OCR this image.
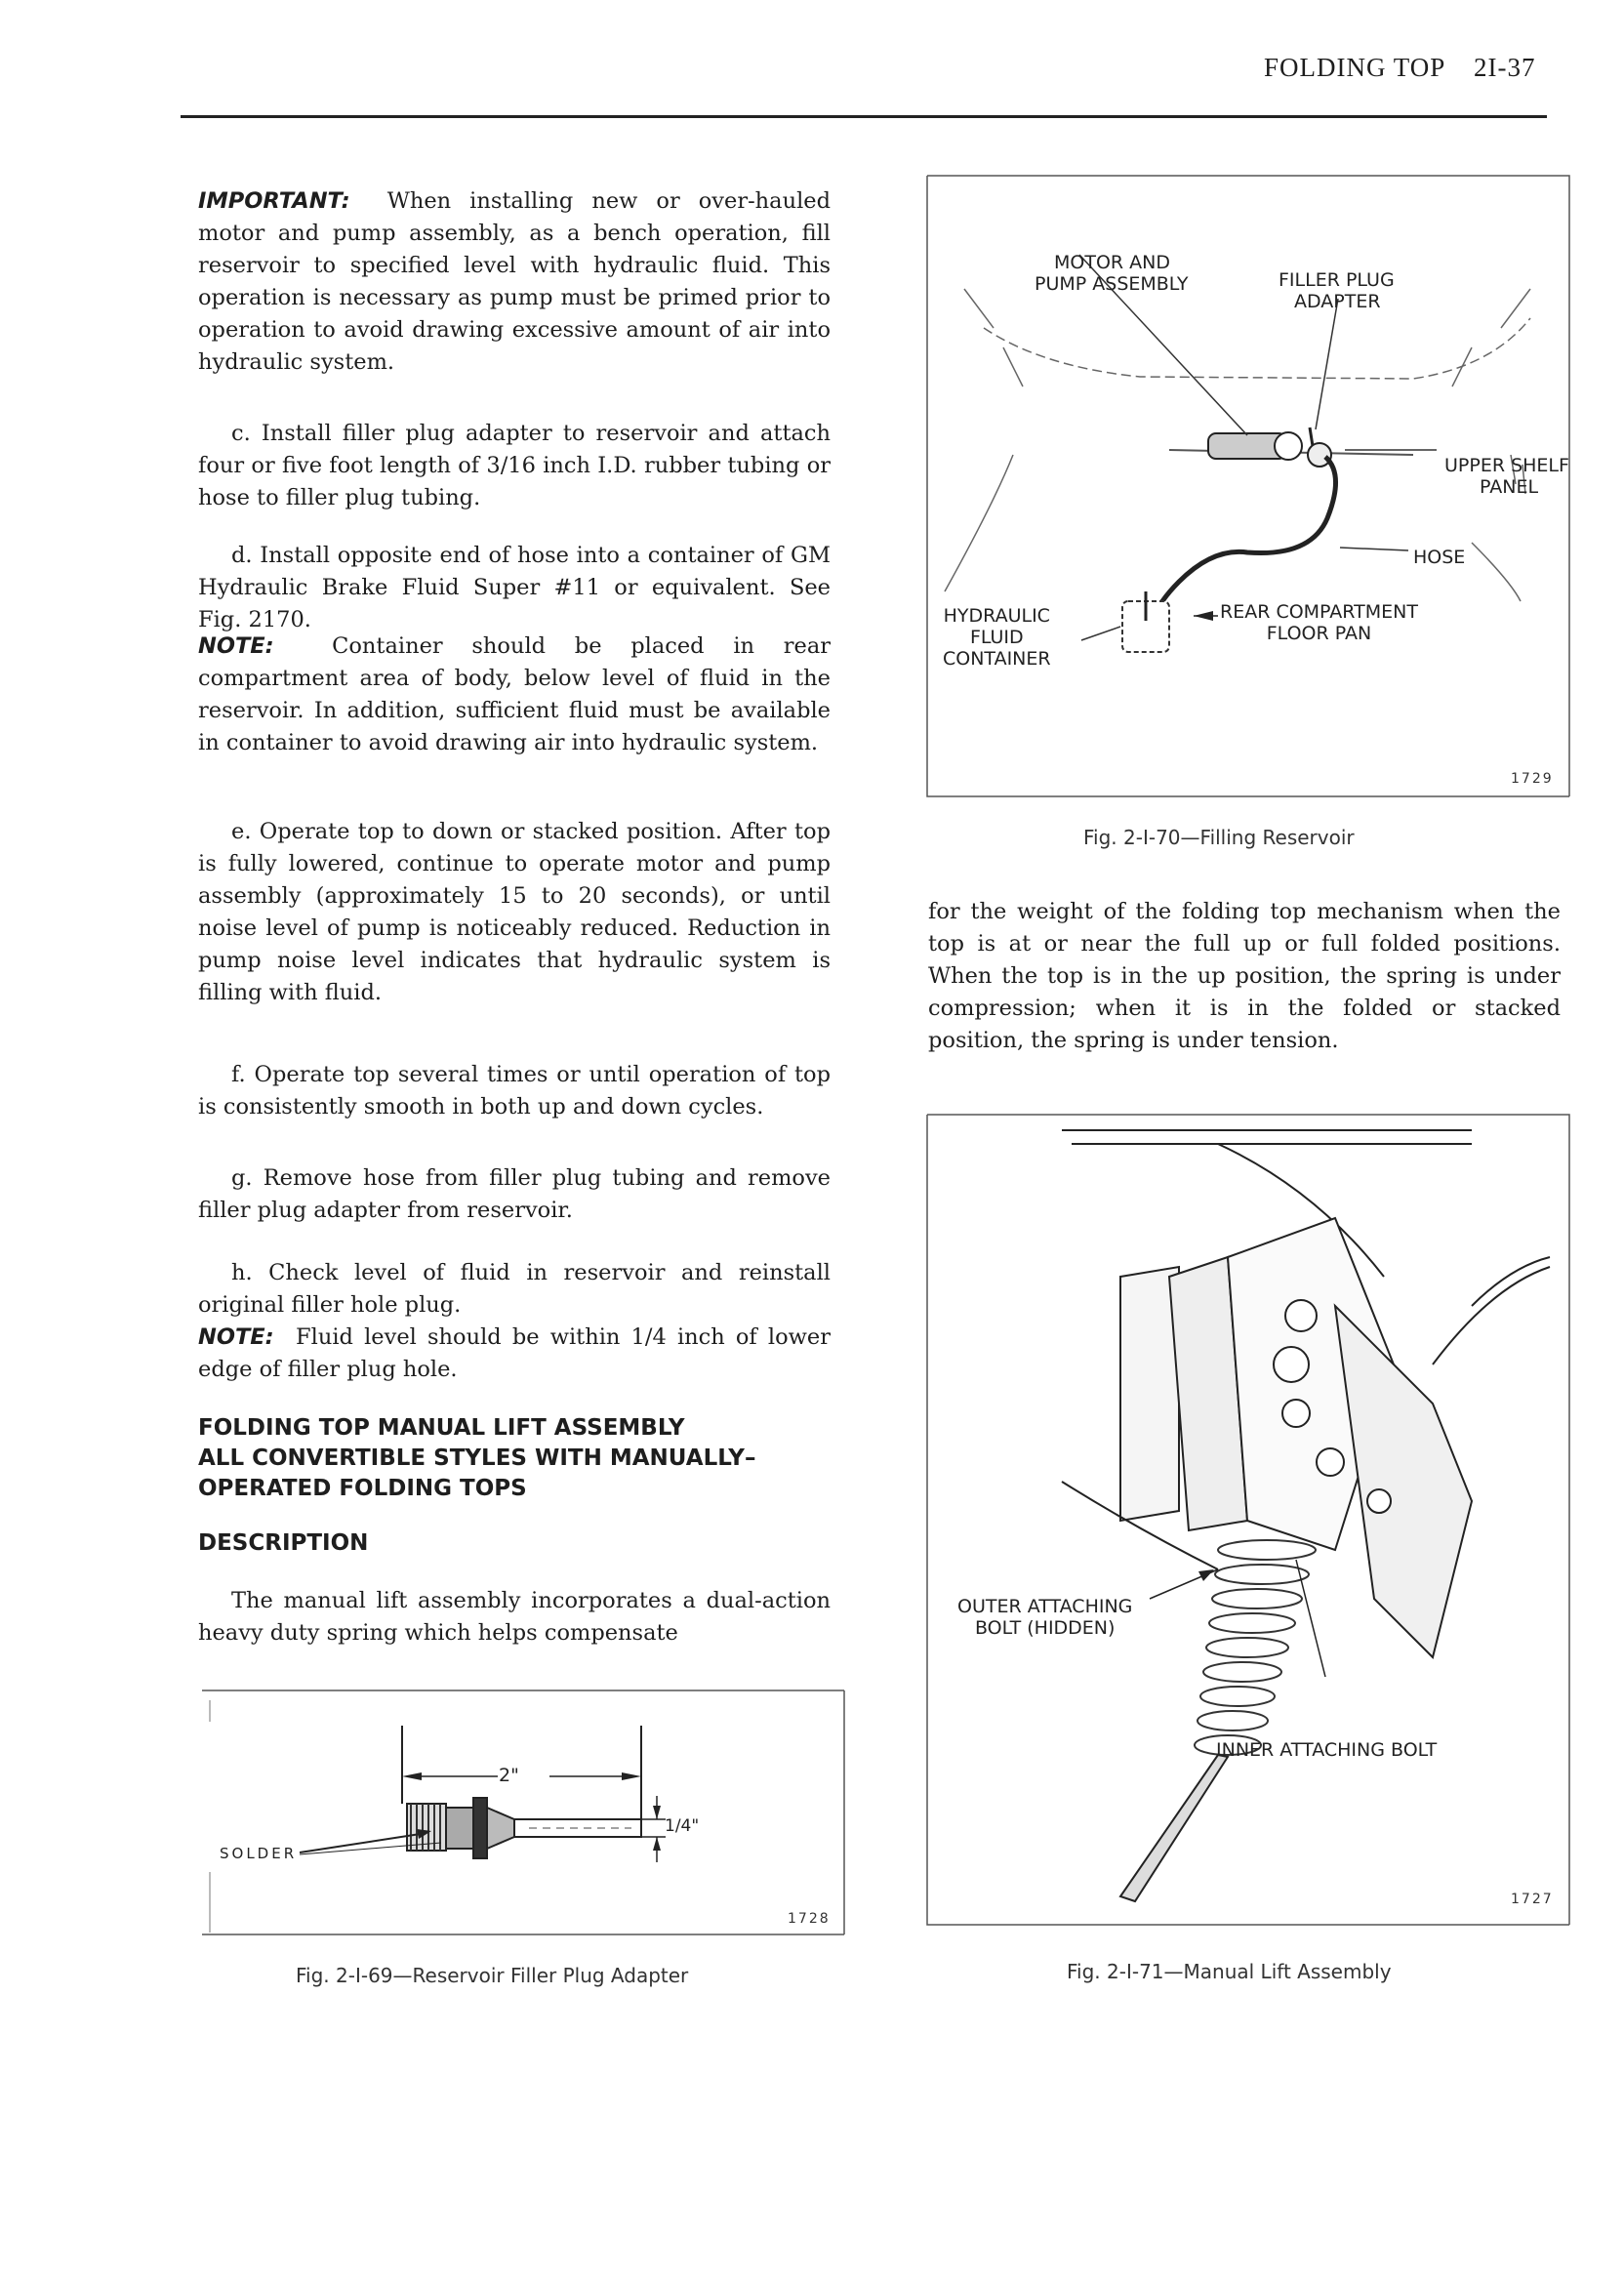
FOLDING TOP 2I-37

IMPORTANT: When installing new or over-hauled motor and pump assembly, as a bench operation, fill reservoir to specified level with hydraulic fluid. This operation is necessary as pump must be primed prior to operation to avoid drawing excessive amount of air into hydraulic system.

c. Install filler plug adapter to reservoir and attach four or five foot length of 3/16 inch I.D. rubber tubing or hose to filler plug tubing.
d. Install opposite end of hose into a container of GM Hydraulic Brake Fluid Super #11 or equivalent. See Fig. 2170.

NOTE:	Container should be placed in rear compartment area of body, below level of fluid in the reservoir. In addition, sufficient fluid must be available in container to avoid drawing air into hydraulic system.

e. Operate top to down or stacked position. After top is fully lowered, continue to operate motor and pump assembly (approximately 15 to 20 seconds), or until noise level of pump is noticeably reduced. Reduction in pump noise level indicates that hydraulic system is filling with fluid.
f. Operate top several times or until operation of top is consistently smooth in both up and down cycles.
g. Remove hose from filler plug tubing and remove filler plug adapter from reservoir.
h. Check level of fluid in reservoir and reinstall original filler hole plug.

NOTE: Fluid level should be within 1/4 inch of lower edge of filler plug hole.

FOLDING TOP MANUAL LIFT ASSEMBLY
ALL CONVERTIBLE STYLES WITH MANUALLY–
OPERATED FOLDING TOPS
DESCRIPTION
The manual lift assembly incorporates a dual-action heavy duty spring which helps compensate
2"
1/4"
SOLDER
1728
Fig. 2-I-69—Reservoir Filler Plug Adapter
MOTOR AND
PUMP ASSEMBLY	FILLER PLUG
ADAPTER
UPPER SHELF
PANEL
HOSE
HYDRAULIC
FLUID
CONTAINER
REAR COMPARTMENT
FLOOR PAN
1729
Fig. 2-I-70—Filling Reservoir
for the weight of the folding top mechanism when the top is at or near the full up or full folded positions. When the top is in the up position, the spring is under compression; when it is in the folded or stacked position, the spring is under tension.
OUTER ATTACHING
BOLT (HIDDEN)
INNER ATTACHING BOLT
1727
Fig. 2-I-71—Manual Lift Assembly
